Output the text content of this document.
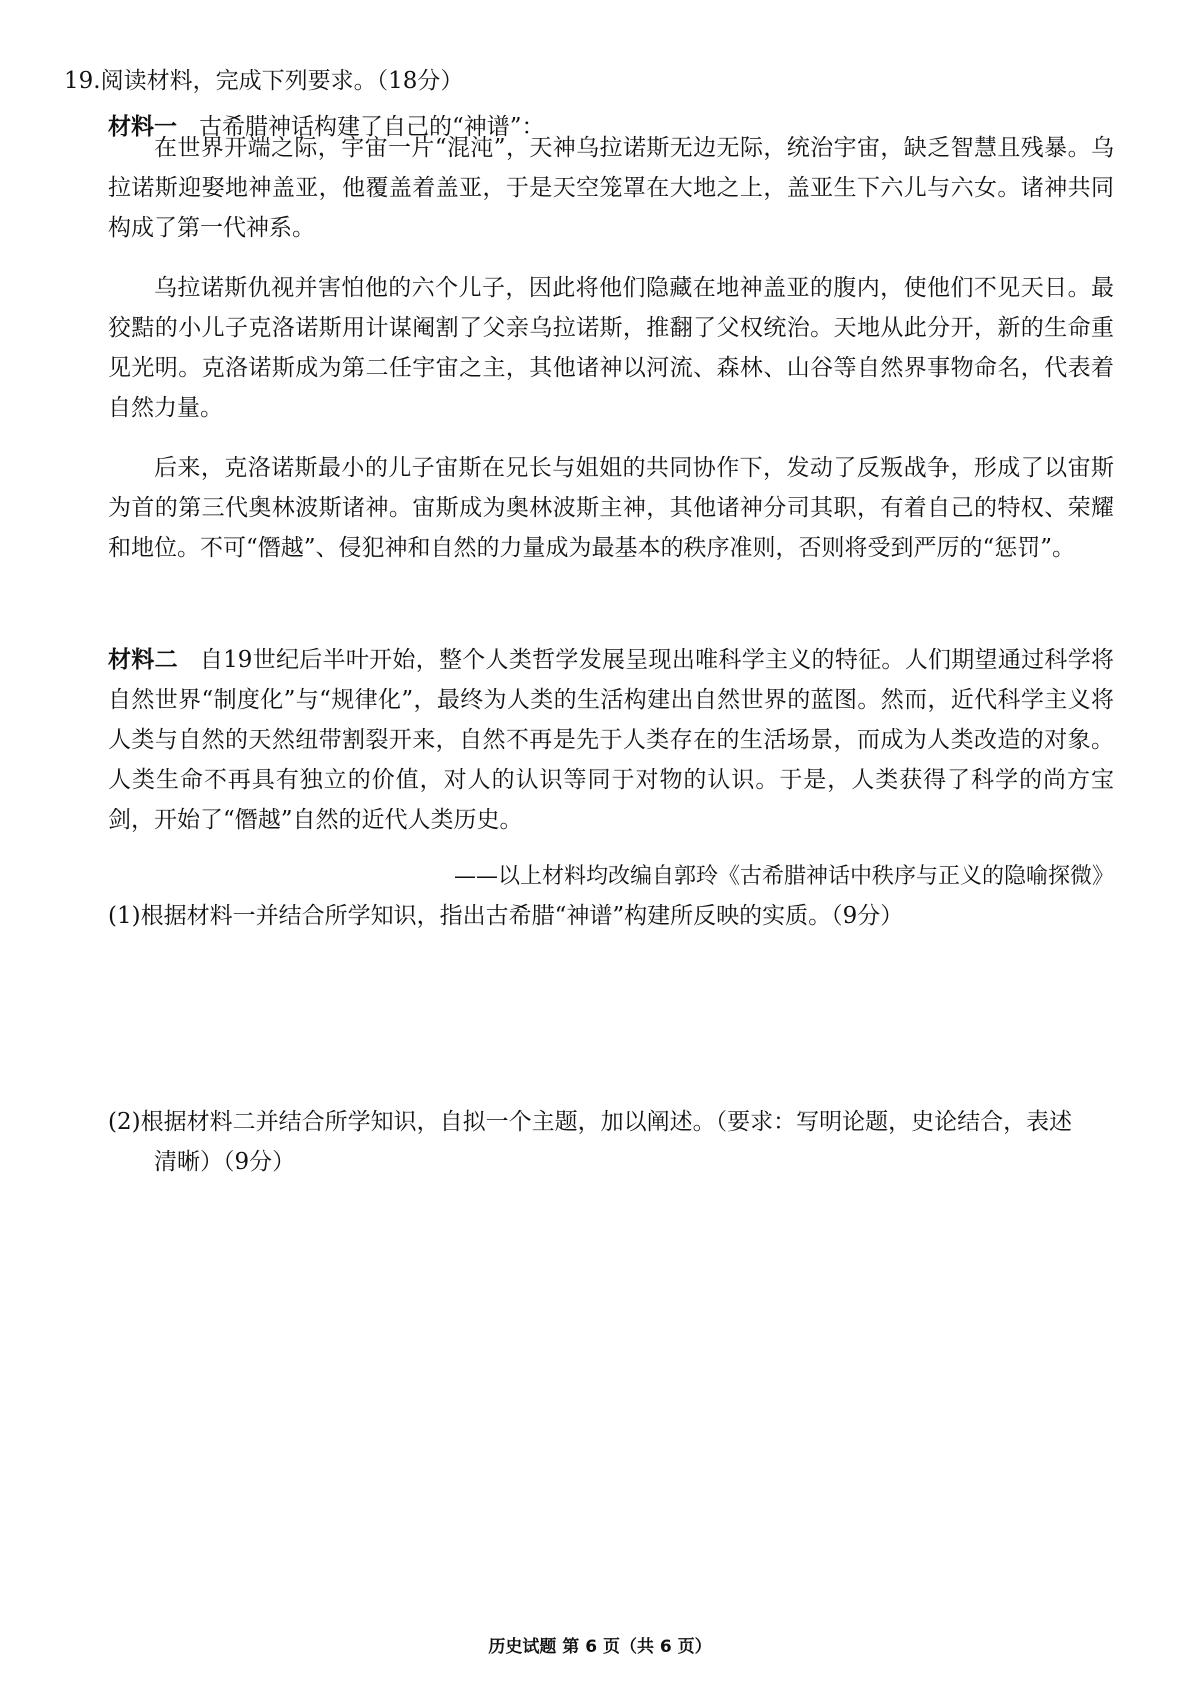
19.阅读材料，完成下列要求。（18分）
材料一 古希腊神话构建了自己的“神谱”：

在世界开端之际，宇宙一片“混沌”，天神乌拉诺斯无边无际，统治宇宙，缺乏智慧且残暴。乌拉诺斯迎娶地神盖亚，他覆盖着盖亚，于是天空笼罩在大地之上，盖亚生下六儿与六女。诸神共同构成了第一代神系。

乌拉诺斯仇视并害怕他的六个儿子，因此将他们隐藏在地神盖亚的腹内，使他们不见天日。最狡黠的小儿子克洛诺斯用计谋阉割了父亲乌拉诺斯，推翻了父权统治。天地从此分开，新的生命重见光明。克洛诺斯成为第二任宇宙之主，其他诸神以河流、森林、山谷等自然界事物命名，代表着自然力量。

后来，克洛诺斯最小的儿子宙斯在兄长与姐姐的共同协作下，发动了反叛战争，形成了以宙斯为首的第三代奥林波斯诸神。宙斯成为奥林波斯主神，其他诸神分司其职，有着自己的特权、荣耀和地位。不可“僭越”、侵犯神和自然的力量成为最基本的秩序准则，否则将受到严厉的“惩罚”。

材料二 自19世纪后半叶开始，整个人类哲学发展呈现出唯科学主义的特征。人们期望通过科学将自然世界“制度化”与“规律化”，最终为人类的生活构建出自然世界的蓝图。然而，近代科学主义将人类与自然的天然纽带割裂开来，自然不再是先于人类存在的生活场景，而成为人类改造的对象。人类生命不再具有独立的价值，对人的认识等同于对物的认识。于是，人类获得了科学的尚方宝剑，开始了“僭越”自然的近代人类历史。

——以上材料均改编自郭玲《古希腊神话中秩序与正义的隐喻探微》
(1)根据材料一并结合所学知识，指出古希腊“神谱”构建所反映的实质。（9分）
(2)根据材料二并结合所学知识，自拟一个主题，加以阐述。（要求：写明论题，史论结合，表述
清晰）（9分）
历史试题 第 6 页（共 6 页）
